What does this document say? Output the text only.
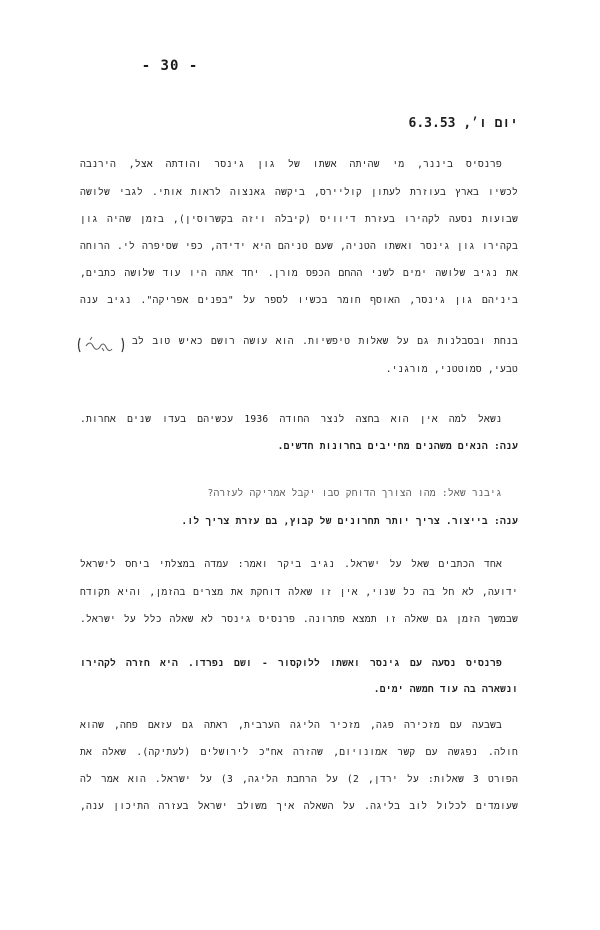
- 30 -
יום ו׳, 6.3.53
פרנסיס ביננר, מי שהיתה אשתו של גון גינסר והודתה אצל, הירנבה
לכשיו בארץ בעוזרת לעתון קוליירס, ביקשה גאנצוה לראות אותי. לגבי שלושה
שבועות נסעה לקהירו בעזרת דיוויס (קיבלה ויזה בקשרוסין), בזמן שהיה גון
בקהירו גון גינסר ואשתו הטניה, שעם טניהם היא ידידה, כפי שסיפרה לי. הרוחה
את נגיב שלושה ימים לשני ההחם הכפס מורן. יחד אתה היו עוד שלושה כתבים,
ביניהם גון גינסר, האוסף חומר בכשיו לספר על "בפנים אפריקה". נגיב ענה
בנחת ובסבלנות גם על שאלות טיפשיות. הוא עושה רושם כאיש טוב לב
טבעי, סמוטטני, מורגני.
נשאל למה אין הוא בחצה לנצר החודה 1936 עכשיהם בעדו שנים אחרות.
ענה: הנאים משהנים מחייבים בחרונות חדשים.
גיבנר שאל: מהו הצורך הדוחק סבו יקבל אמריקה לעזרה?
ענה: בייצור. צריך יותר תחרונים של קבוץ, בם עזרת צריך לו.
אחד הכתבים שאל על ישראל. נגיב ביקר ואמר: עמדה במצלתי ביחס לישראל
ידועה, לא חל בה כל שנוי, אין זו שאלה דוחקת את מצרים בהזמן, והיא תקודח
שבמשך הזמן גם שאלה זו תמצא פתרונה. פרנסיס גינסר לא שאלה כלל על ישראל.
פרנסיס נסעה עם גינסר ואשתו ללוקסור - ושם נפרדו. היא חזרה לקהירו
ונשארה בה עוד חמשה ימים.
בשבעה עם מזכירה פגה, מזכיר הליגה הערבית, ראתה גם עזאם פחה, שהוא
חולה. נפגשה עם קשר אמונויום, שהזרה אח"כ לירושלים (לעתיקה). שאלה את
הפורט 3 שאלות: על ירדן, 2) על הרחבת הליגה, 3) על ישראל. הוא אמר לה
שעומדים לכלול לוב בליגה. על השאלה איך משולב ישראל בעזרה התיכון ענה,
